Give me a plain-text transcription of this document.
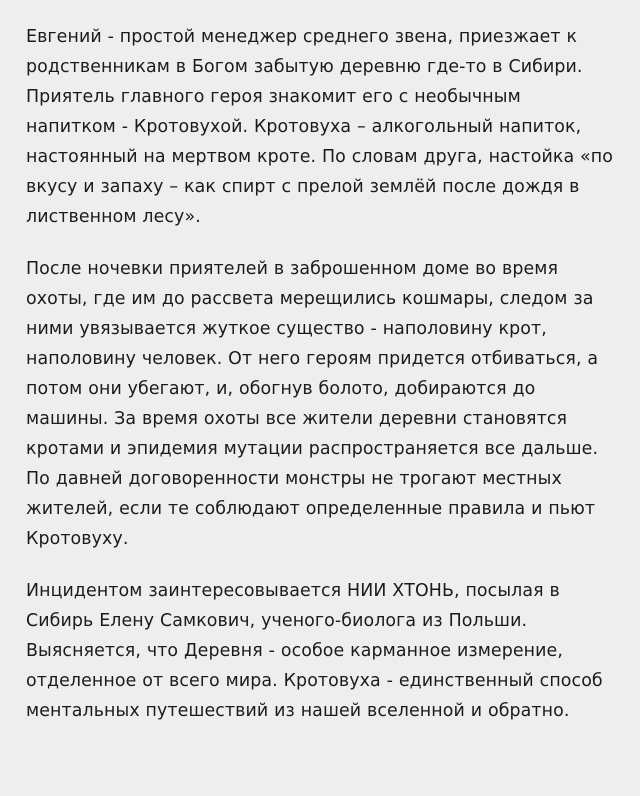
Евгений - простой менеджер среднего звена, приезжает к родственникам в Богом забытую деревню где-то в Сибири. Приятель главного героя знакомит его с необычным напитком - Кротовухой. Кротовуха – алкогольный напиток, настоянный на мертвом кроте. По словам друга, настойка «по вкусу и запаху – как спирт с прелой землёй после дождя в лиственном лесу».

После ночевки приятелей в заброшенном доме во время охоты, где им до рассвета мерещились кошмары, следом за ними увязывается жуткое существо - наполовину крот, наполовину человек. От него героям придется отбиваться, а потом они убегают, и, обогнув болото, добираются до машины. За время охоты все жители деревни становятся кротами и эпидемия мутации распространяется все дальше. По давней договоренности монстры не трогают местных жителей, если те соблюдают определенные правила и пьют Кротовуху.

Инцидентом заинтересовывается НИИ ХТОНЬ, посылая в Сибирь Елену Самкович, ученого-биолога из Польши. Выясняется, что Деревня - особое карманное измерение, отделенное от всего мира. Кротовуха - единственный способ ментальных путешествий из нашей вселенной и обратно.
